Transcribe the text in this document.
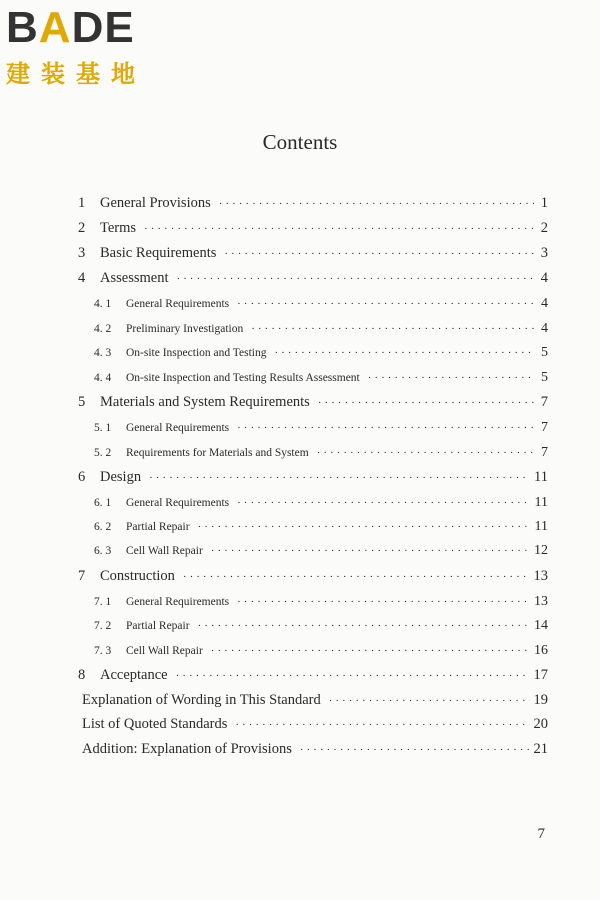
BADE
建装基地
Contents
1	General Provisions ·····	1
2	Terms ·····	2
3	Basic Requirements ·····	3
4	Assessment ·····	4
4. 1	General Requirements ·····	4
4. 2	Preliminary Investigation ·····	4
4. 3	On-site Inspection and Testing ·····	5
4. 4	On-site Inspection and Testing Results Assessment ·····	5
5	Materials and System Requirements ·····	7
5. 1	General Requirements ·····	7
5. 2	Requirements for Materials and System ·····	7
6	Design ·····	11
6. 1	General Requirements ·····	11
6. 2	Partial Repair ·····	11
6. 3	Cell Wall Repair ·····	12
7	Construction ·····	13
7. 1	General Requirements ·····	13
7. 2	Partial Repair ·····	14
7. 3	Cell Wall Repair ·····	16
8	Acceptance ·····	17
Explanation of Wording in This Standard ·····	19
List of Quoted Standards ·····	20
Addition: Explanation of Provisions ·····	21
7
